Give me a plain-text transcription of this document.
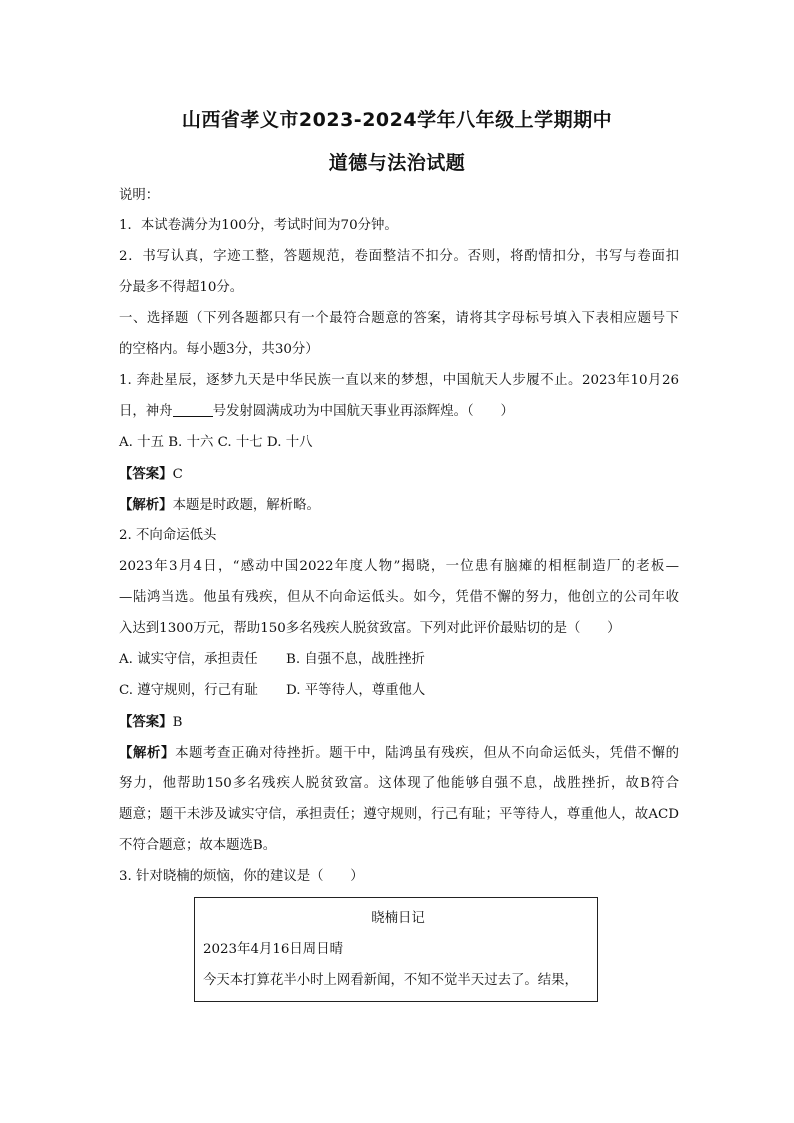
山西省孝义市2023-2024学年八年级上学期期中
道德与法治试题
说明：
1．本试卷满分为100分，考试时间为70分钟。
2．书写认真，字迹工整，答题规范，卷面整洁不扣分。否则，将酌情扣分，书写与卷面扣
分最多不得超10分。
一、选择题（下列各题都只有一个最符合题意的答案，请将其字母标号填入下表相应题号下
的空格内。每小题3分，共30分）
1. 奔赴星辰，逐梦九天是中华民族一直以来的梦想，中国航天人步履不止。2023年10月26
日，神舟	号发射圆满成功为中国航天事业再添辉煌。（　　）
A. 十五 B. 十六 C. 十七 D. 十八
【答案】C
【解析】本题是时政题，解析略。
2. 不向命运低头
2023年3月4日，“感动中国2022年度人物”揭晓，一位患有脑瘫的相框制造厂的老板—
—陆鸿当选。他虽有残疾，但从不向命运低头。如今，凭借不懈的努力，他创立的公司年收
入达到1300万元，帮助150多名残疾人脱贫致富。下列对此评价最贴切的是（　　）
A. 诚实守信，承担责任 B. 自强不息，战胜挫折
C. 遵守规则，行己有耻 D. 平等待人，尊重他人
【答案】B
【解析】本题考查正确对待挫折。题干中，陆鸿虽有残疾，但从不向命运低头，凭借不懈的
努力，他帮助150多名残疾人脱贫致富。这体现了他能够自强不息，战胜挫折，故B符合
题意；题干未涉及诚实守信，承担责任；遵守规则，行己有耻；平等待人，尊重他人，故ACD
不符合题意；故本题选B。
3. 针对晓楠的烦恼，你的建议是（　　）
晓楠日记
2023年4月16日周日晴
今天本打算花半小时上网看新闻，不知不觉半天过去了。结果，
